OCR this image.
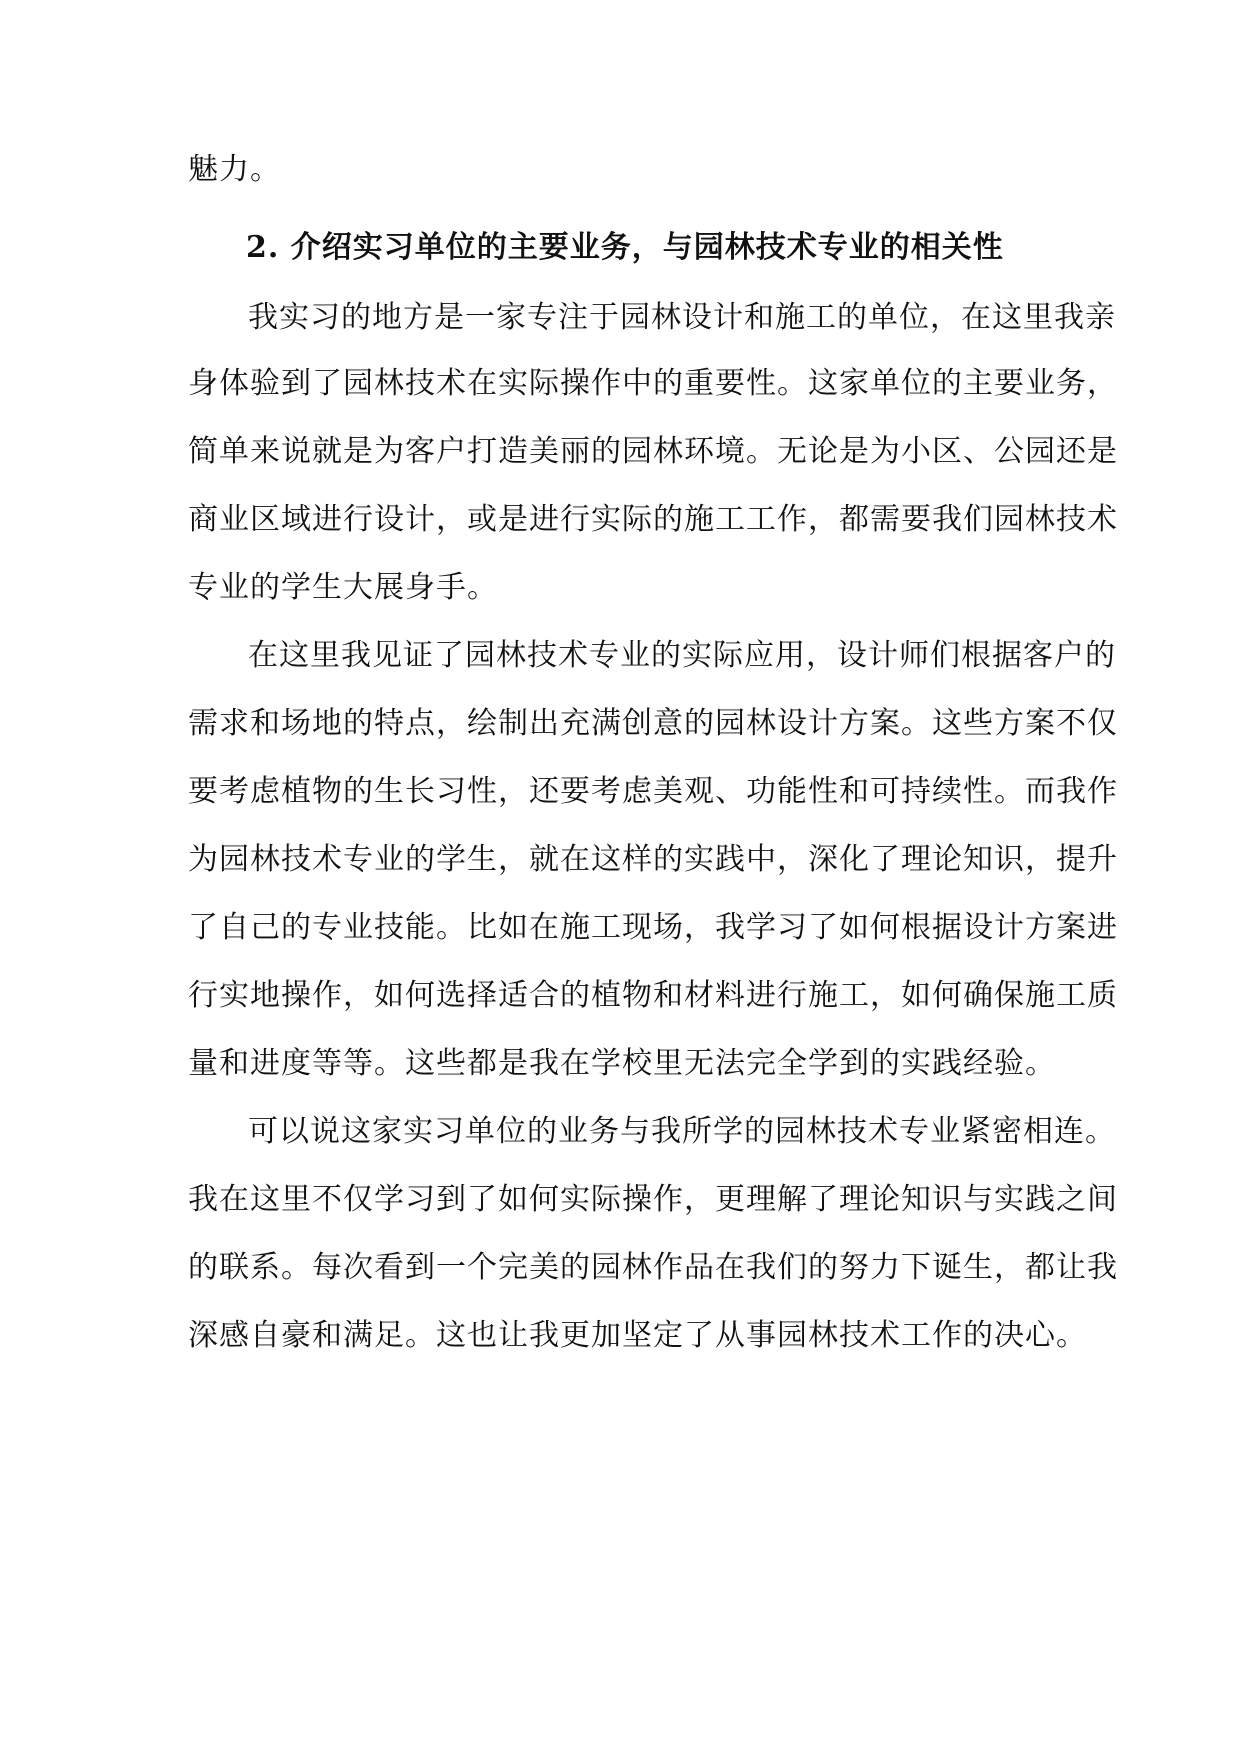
魅力。
2. 介绍实习单位的主要业务，与园林技术专业的相关性
我实习的地方是一家专注于园林设计和施工的单位，在这里我亲
身体验到了园林技术在实际操作中的重要性。这家单位的主要业务，
简单来说就是为客户打造美丽的园林环境。无论是为小区、公园还是
商业区域进行设计，或是进行实际的施工工作，都需要我们园林技术
专业的学生大展身手。
在这里我见证了园林技术专业的实际应用，设计师们根据客户的
需求和场地的特点，绘制出充满创意的园林设计方案。这些方案不仅
要考虑植物的生长习性，还要考虑美观、功能性和可持续性。而我作
为园林技术专业的学生，就在这样的实践中，深化了理论知识，提升
了自己的专业技能。比如在施工现场，我学习了如何根据设计方案进
行实地操作，如何选择适合的植物和材料进行施工，如何确保施工质
量和进度等等。这些都是我在学校里无法完全学到的实践经验。
可以说这家实习单位的业务与我所学的园林技术专业紧密相连。
我在这里不仅学习到了如何实际操作，更理解了理论知识与实践之间
的联系。每次看到一个完美的园林作品在我们的努力下诞生，都让我
深感自豪和满足。这也让我更加坚定了从事园林技术工作的决心。
